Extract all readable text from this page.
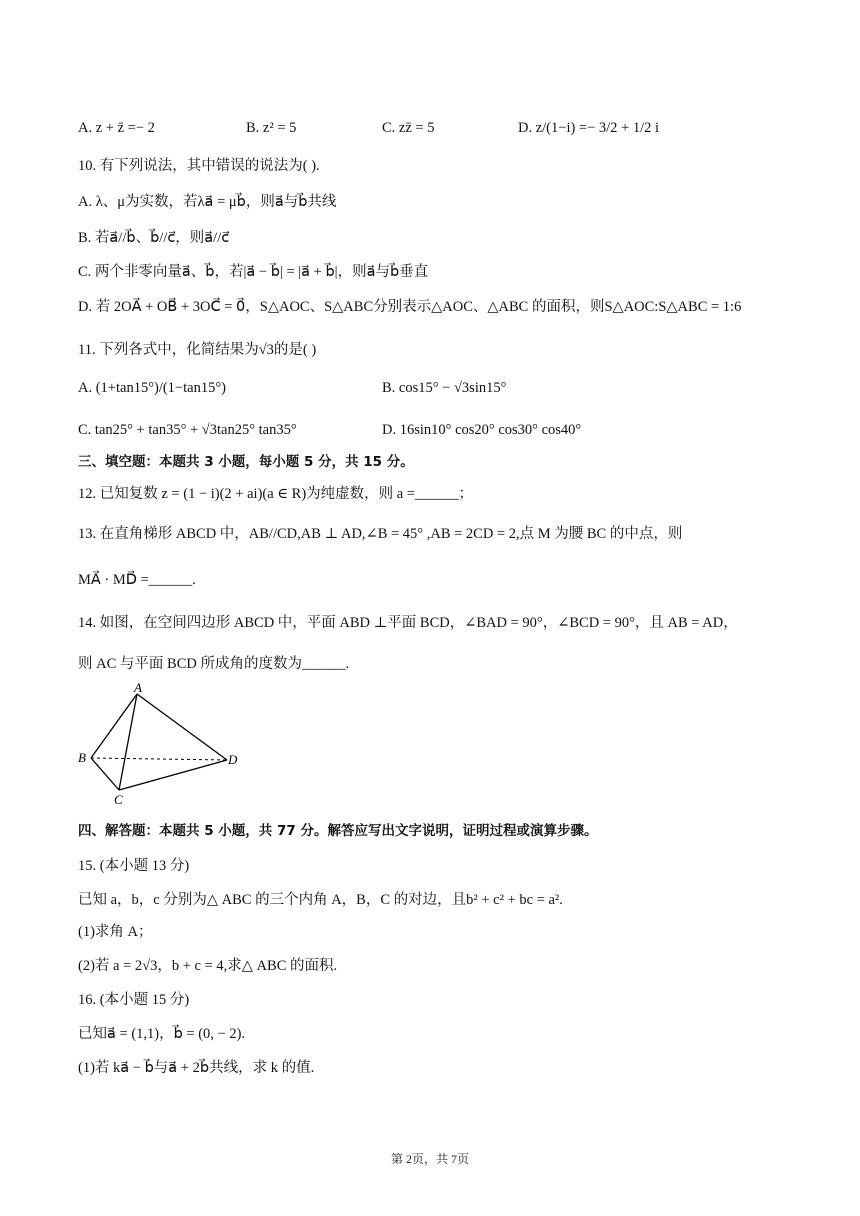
A. z + z̄ =− 2	B. z² = 5	C. zz̄ = 5	D. z/(1−i) =− 3/2 + 1/2 i
10. 有下列说法，其中错误的说法为( ).
A. λ、μ为实数，若λa⃗ = μb⃗，则a⃗与b⃗共线
B. 若a⃗//b⃗、b⃗//c⃗，则a⃗//c⃗
C. 两个非零向量a⃗、b⃗，若|a⃗ − b⃗| = |a⃗ + b⃗|，则a⃗与b⃗垂直
D. 若 2OA⃗ + OB⃗ + 3OC⃗ = 0⃗，S△AOC、S△ABC分别表示△AOC、△ABC 的面积，则S△AOC:S△ABC = 1:6
11. 下列各式中，化简结果为√3的是( )
A. (1+tan15°)/(1−tan15°)	B. cos15° − √3sin15°
C. tan25° + tan35° + √3tan25° tan35°	D. 16sin10° cos20° cos30° cos40°
三、填空题：本题共 3 小题，每小题 5 分，共 15 分。
12. 已知复数 z = (1 − i)(2 + ai)(a ∈ R)为纯虚数，则 a =______；
13. 在直角梯形 ABCD 中，AB//CD,AB ⊥ AD,∠B = 45° ,AB = 2CD = 2,点 M 为腰 BC 的中点，则
MA⃗ · MD⃗ =______.
14. 如图，在空间四边形 ABCD 中，平面 ABD ⊥平面 BCD，∠BAD = 90°，∠BCD = 90°，且 AB = AD，
则 AC 与平面 BCD 所成角的度数为______.
A
B
C
D
四、解答题：本题共 5 小题，共 77 分。解答应写出文字说明，证明过程或演算步骤。
15. (本小题 13 分)
已知 a，b，c 分别为△ ABC 的三个内角 A，B，C 的对边，且b² + c² + bc = a².
(1)求角 A；
(2)若 a = 2√3，b + c = 4,求△ ABC 的面积.
16. (本小题 15 分)
已知a⃗ = (1,1)，b⃗ = (0, − 2).
(1)若 ka⃗ − b⃗与a⃗ + 2b⃗共线，求 k 的值.
第 2页，共 7页
